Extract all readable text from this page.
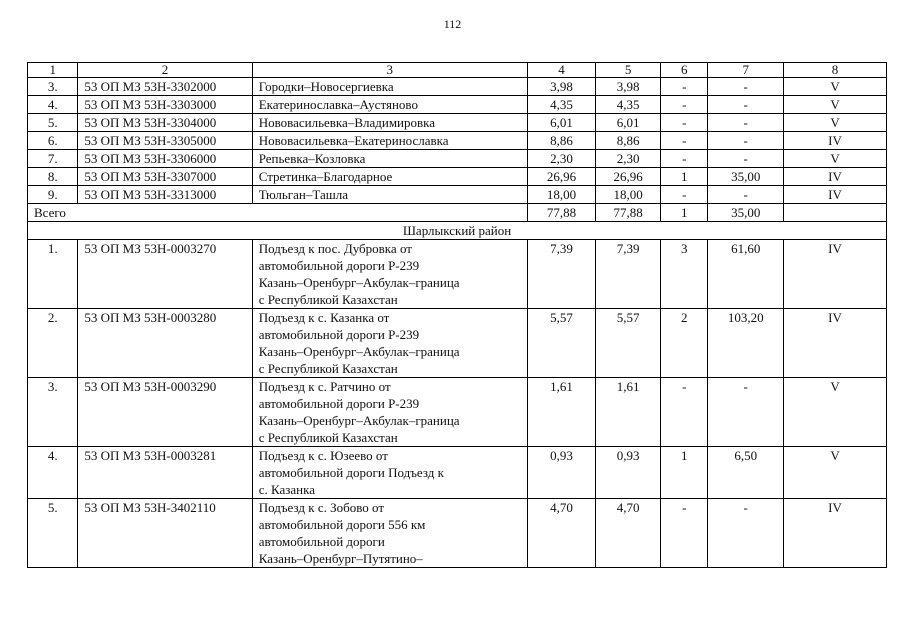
112
1	2	3	4	5	6	7	8
3.	53 ОП МЗ 53Н-3302000	Городки–Новосергиевка	3,98	3,98	-	-	V
4.	53 ОП МЗ 53Н-3303000	Екатеринославка–Аустяново	4,35	4,35	-	-	V
5.	53 ОП МЗ 53Н-3304000	Нововасильевка–Владимировка	6,01	6,01	-	-	V
6.	53 ОП МЗ 53Н-3305000	Нововасильевка–Екатеринославка	8,86	8,86	-	-	IV
7.	53 ОП МЗ 53Н-3306000	Репьевка–Козловка	2,30	2,30	-	-	V
8.	53 ОП МЗ 53Н-3307000	Стретинка–Благодарное	26,96	26,96	1	35,00	IV
9.	53 ОП МЗ 53Н-3313000	Тюльган–Ташла	18,00	18,00	-	-	IV
Всего			77,88	77,88	1	35,00	
Шарлыкский район							
1.	53 ОП МЗ 53Н-0003270	Подъезд к пос. Дубровка от
автомобильной дороги Р-239
Казань–Оренбург–Акбулак–граница
с Республикой Казахстан	7,39	7,39	3	61,60	IV
2.	53 ОП МЗ 53Н-0003280	Подъезд к с. Казанка от
автомобильной дороги Р-239
Казань–Оренбург–Акбулак–граница
с Республикой Казахстан	5,57	5,57	2	103,20	IV
3.	53 ОП МЗ 53Н-0003290	Подъезд к с. Ратчино от
автомобильной дороги Р-239
Казань–Оренбург–Акбулак–граница
с Республикой Казахстан	1,61	1,61	-	-	V
4.	53 ОП МЗ 53Н-0003281	Подъезд к с. Юзеево от
автомобильной дороги Подъезд к
с. Казанка	0,93	0,93	1	6,50	V
5.	53 ОП МЗ 53Н-3402110	Подъезд к с. Зобово от
автомобильной дороги 556 км
автомобильной дороги
Казань–Оренбург–Путятино–	4,70	4,70	-	-	IV
